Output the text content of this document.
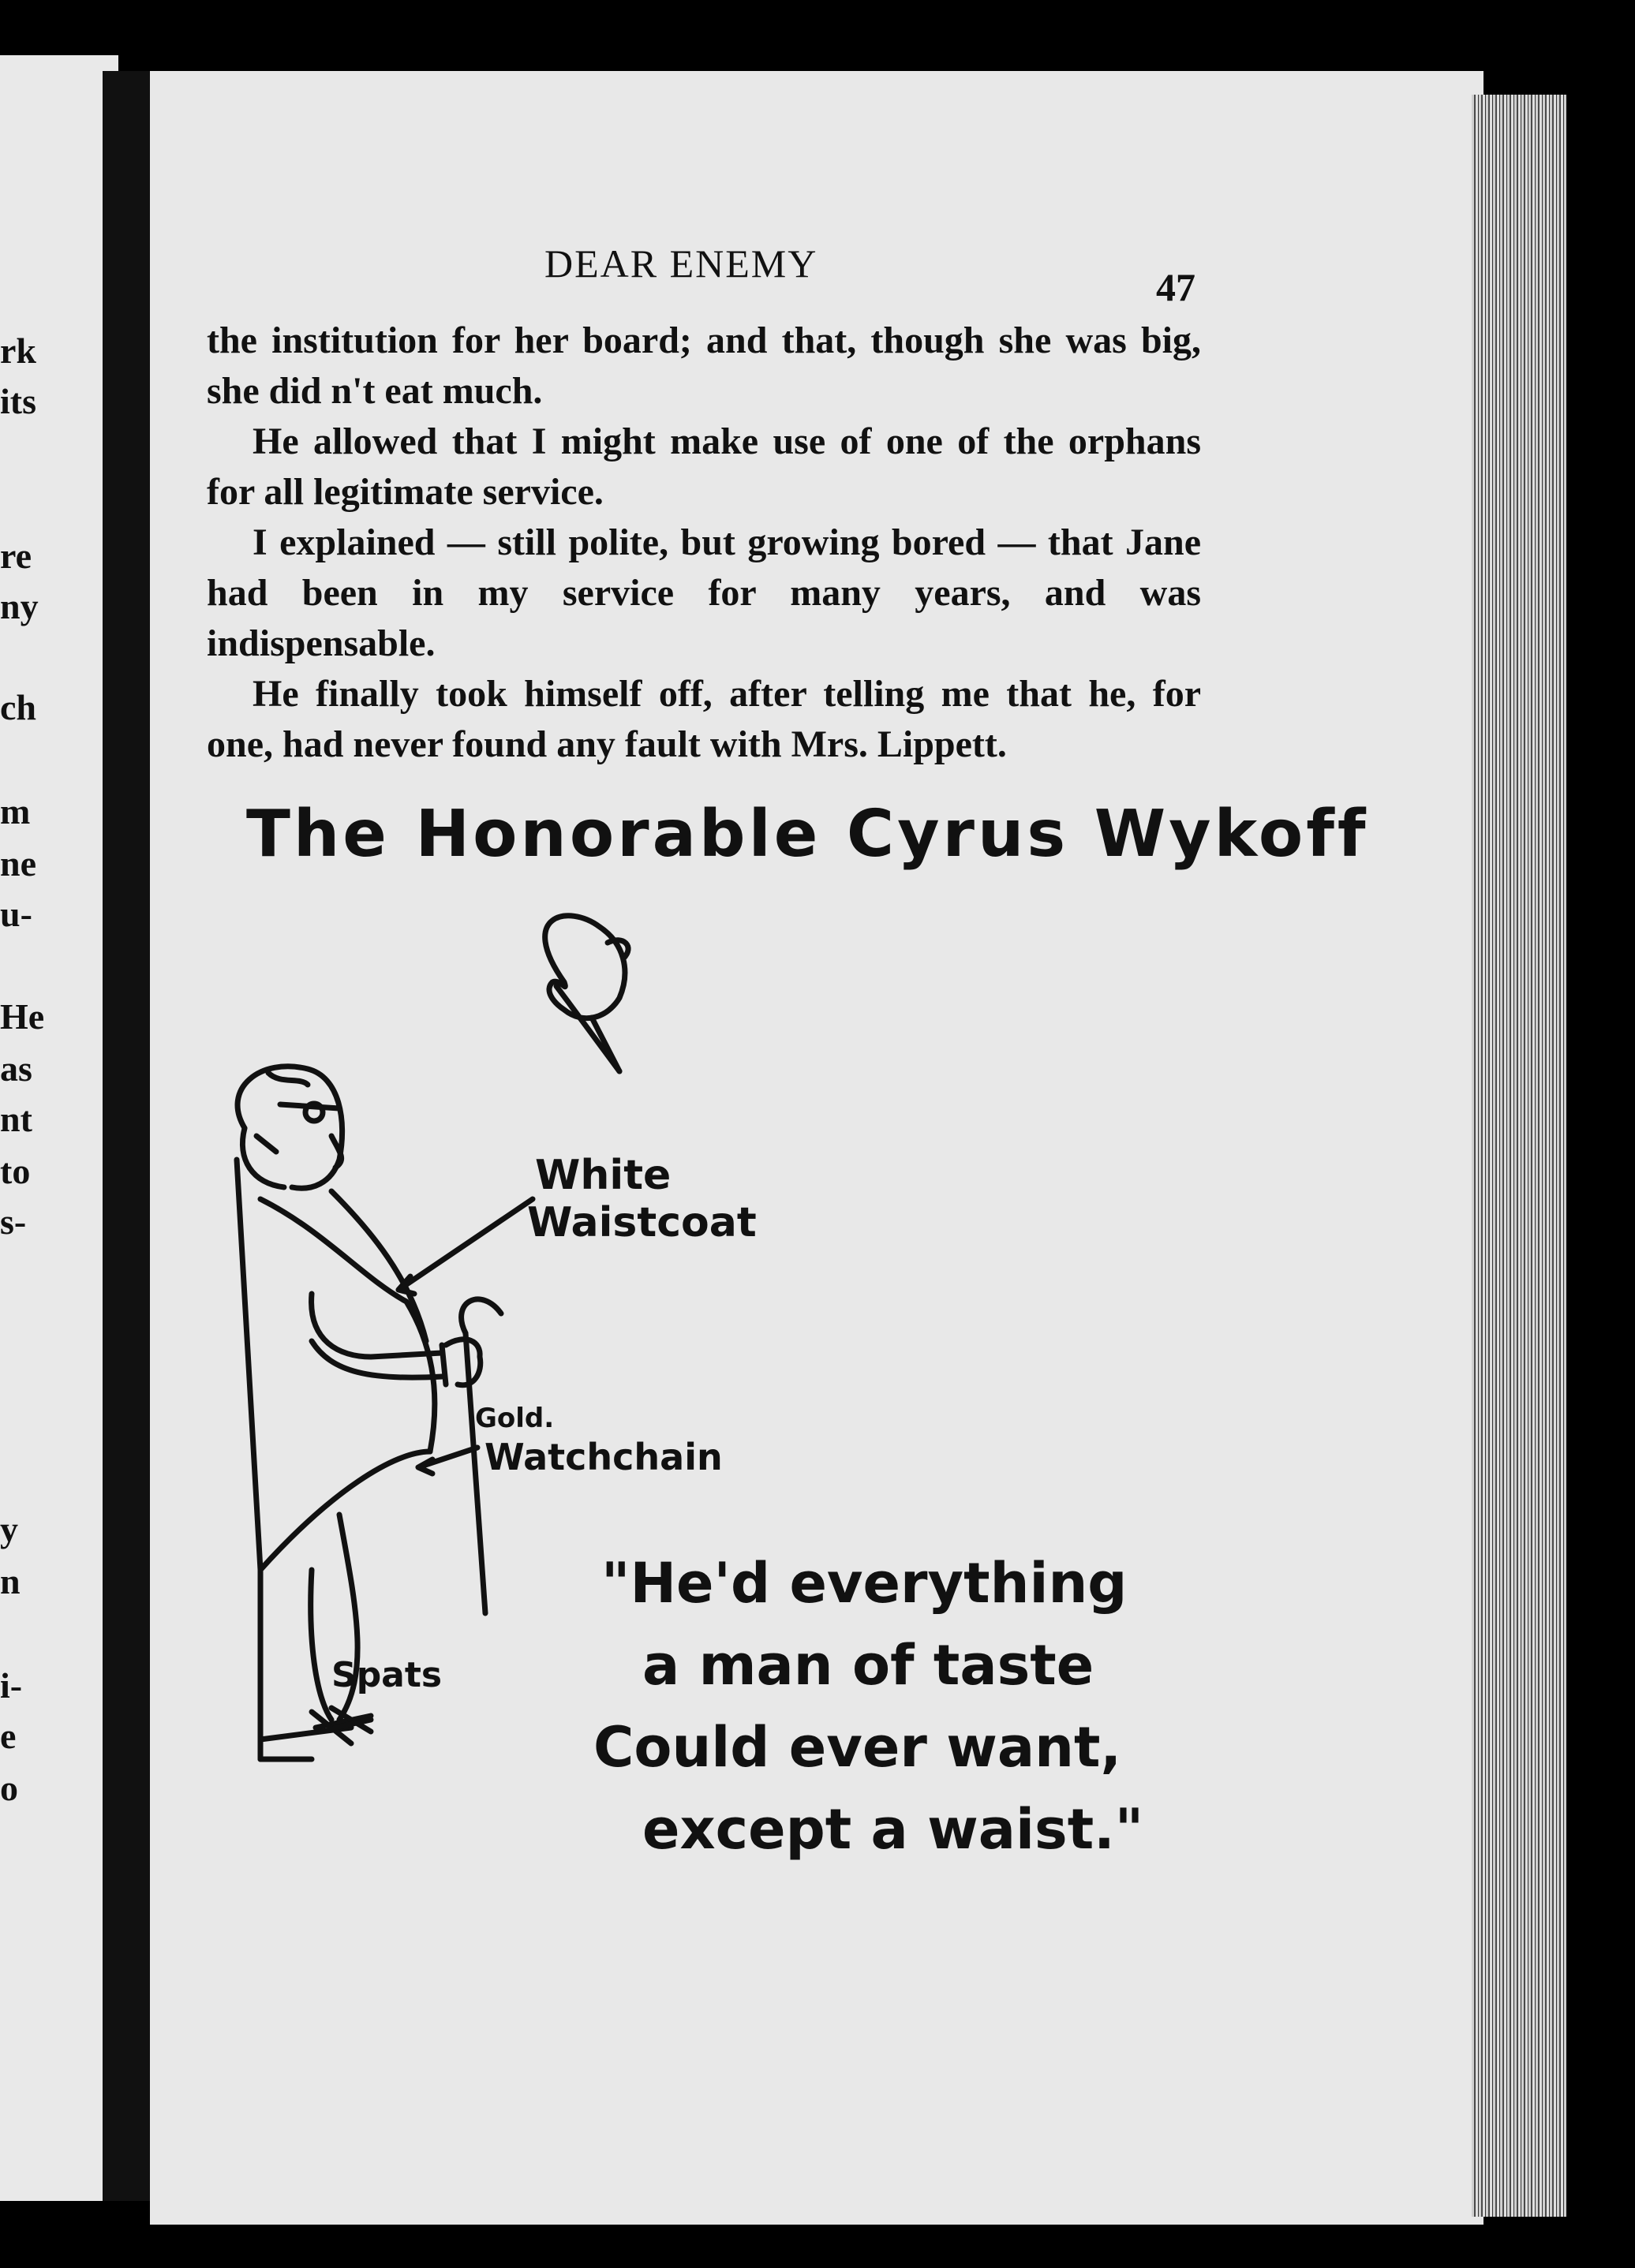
rk
its
re
ny
ch
m
ne
u-
He
as
nt
to
s-
y
n
i-
e
o
DEAR ENEMY
47

the institution for her board; and that, though she was big, she did n't eat much.

He allowed that I might make use of one of the orphans for all legitimate service.

I explained — still polite, but growing bored — that Jane had been in my service for many years, and was indispensable.

He finally took himself off, after telling me that he, for one, had never found any fault with Mrs. Lippett.

The Honorable Cyrus Wykoff
White
Waistcoat
Gold.
Watchchain
Spats
"He'd everything
a man of taste
Could ever want,
except a waist."
